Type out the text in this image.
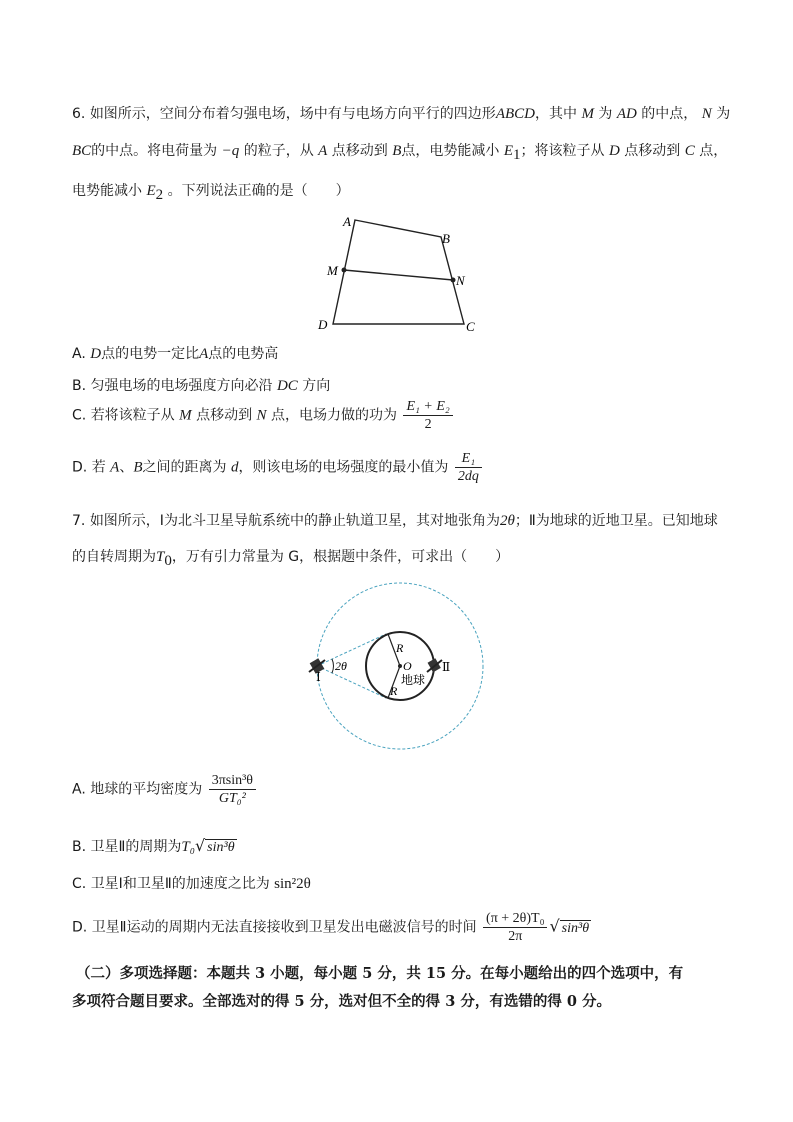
6. 如图所示，空间分布着匀强电场，场中有与电场方向平行的四边形ABCD，其中 M 为 AD 的中点， N 为
BC的中点。将电荷量为 −q 的粒子，从 A 点移动到 B点，电势能减小 $E_1$；将该粒子从 D 点移动到 C 点，
电势能减小 $E_2$ 。下列说法正确的是（　　）
A
B
M
N
D	C
A. D点的电势一定比A点的电势高
B. 匀强电场的电场强度方向必沿 DC 方向
C. 若将该粒子从 M 点移动到 N 点，电场力做的功为 $\frac{\text{E₁ + E₂}}{2}$
D. 若 A、B之间的距离为 d，则该电场的电场强度的最小值为 $\frac{\text{E₁}}{2dq}$
7. 如图所示，Ⅰ为北斗卫星导航系统中的静止轨道卫星，其对地张角为2θ；Ⅱ为地球的近地卫星。已知地球
的自转周期为$T_0$，万有引力常量为 G，根据题中条件，可求出（　　）
2θ
Ⅰ
Ⅱ
R
R
O
地球
A. 地球的平均密度为 $\frac{\text{3πsin³θ}}{\text{GT₀²}}$
B. 卫星Ⅱ的周期为T₀√ sin³θ
C. 卫星Ⅰ和卫星Ⅱ的加速度之比为 sin²2θ
D. 卫星Ⅱ运动的周期内无法直接接收到卫星发出电磁波信号的时间 $\frac{\text{(π + 2θ)T₀}}{2\pi}$ √ sin³θ
（二）多项选择题：本题共 3 小题，每小题 5 分，共 15 分。在每小题给出的四个选项中，有
多项符合题目要求。全部选对的得 5 分，选对但不全的得 3 分，有选错的得 0 分。
